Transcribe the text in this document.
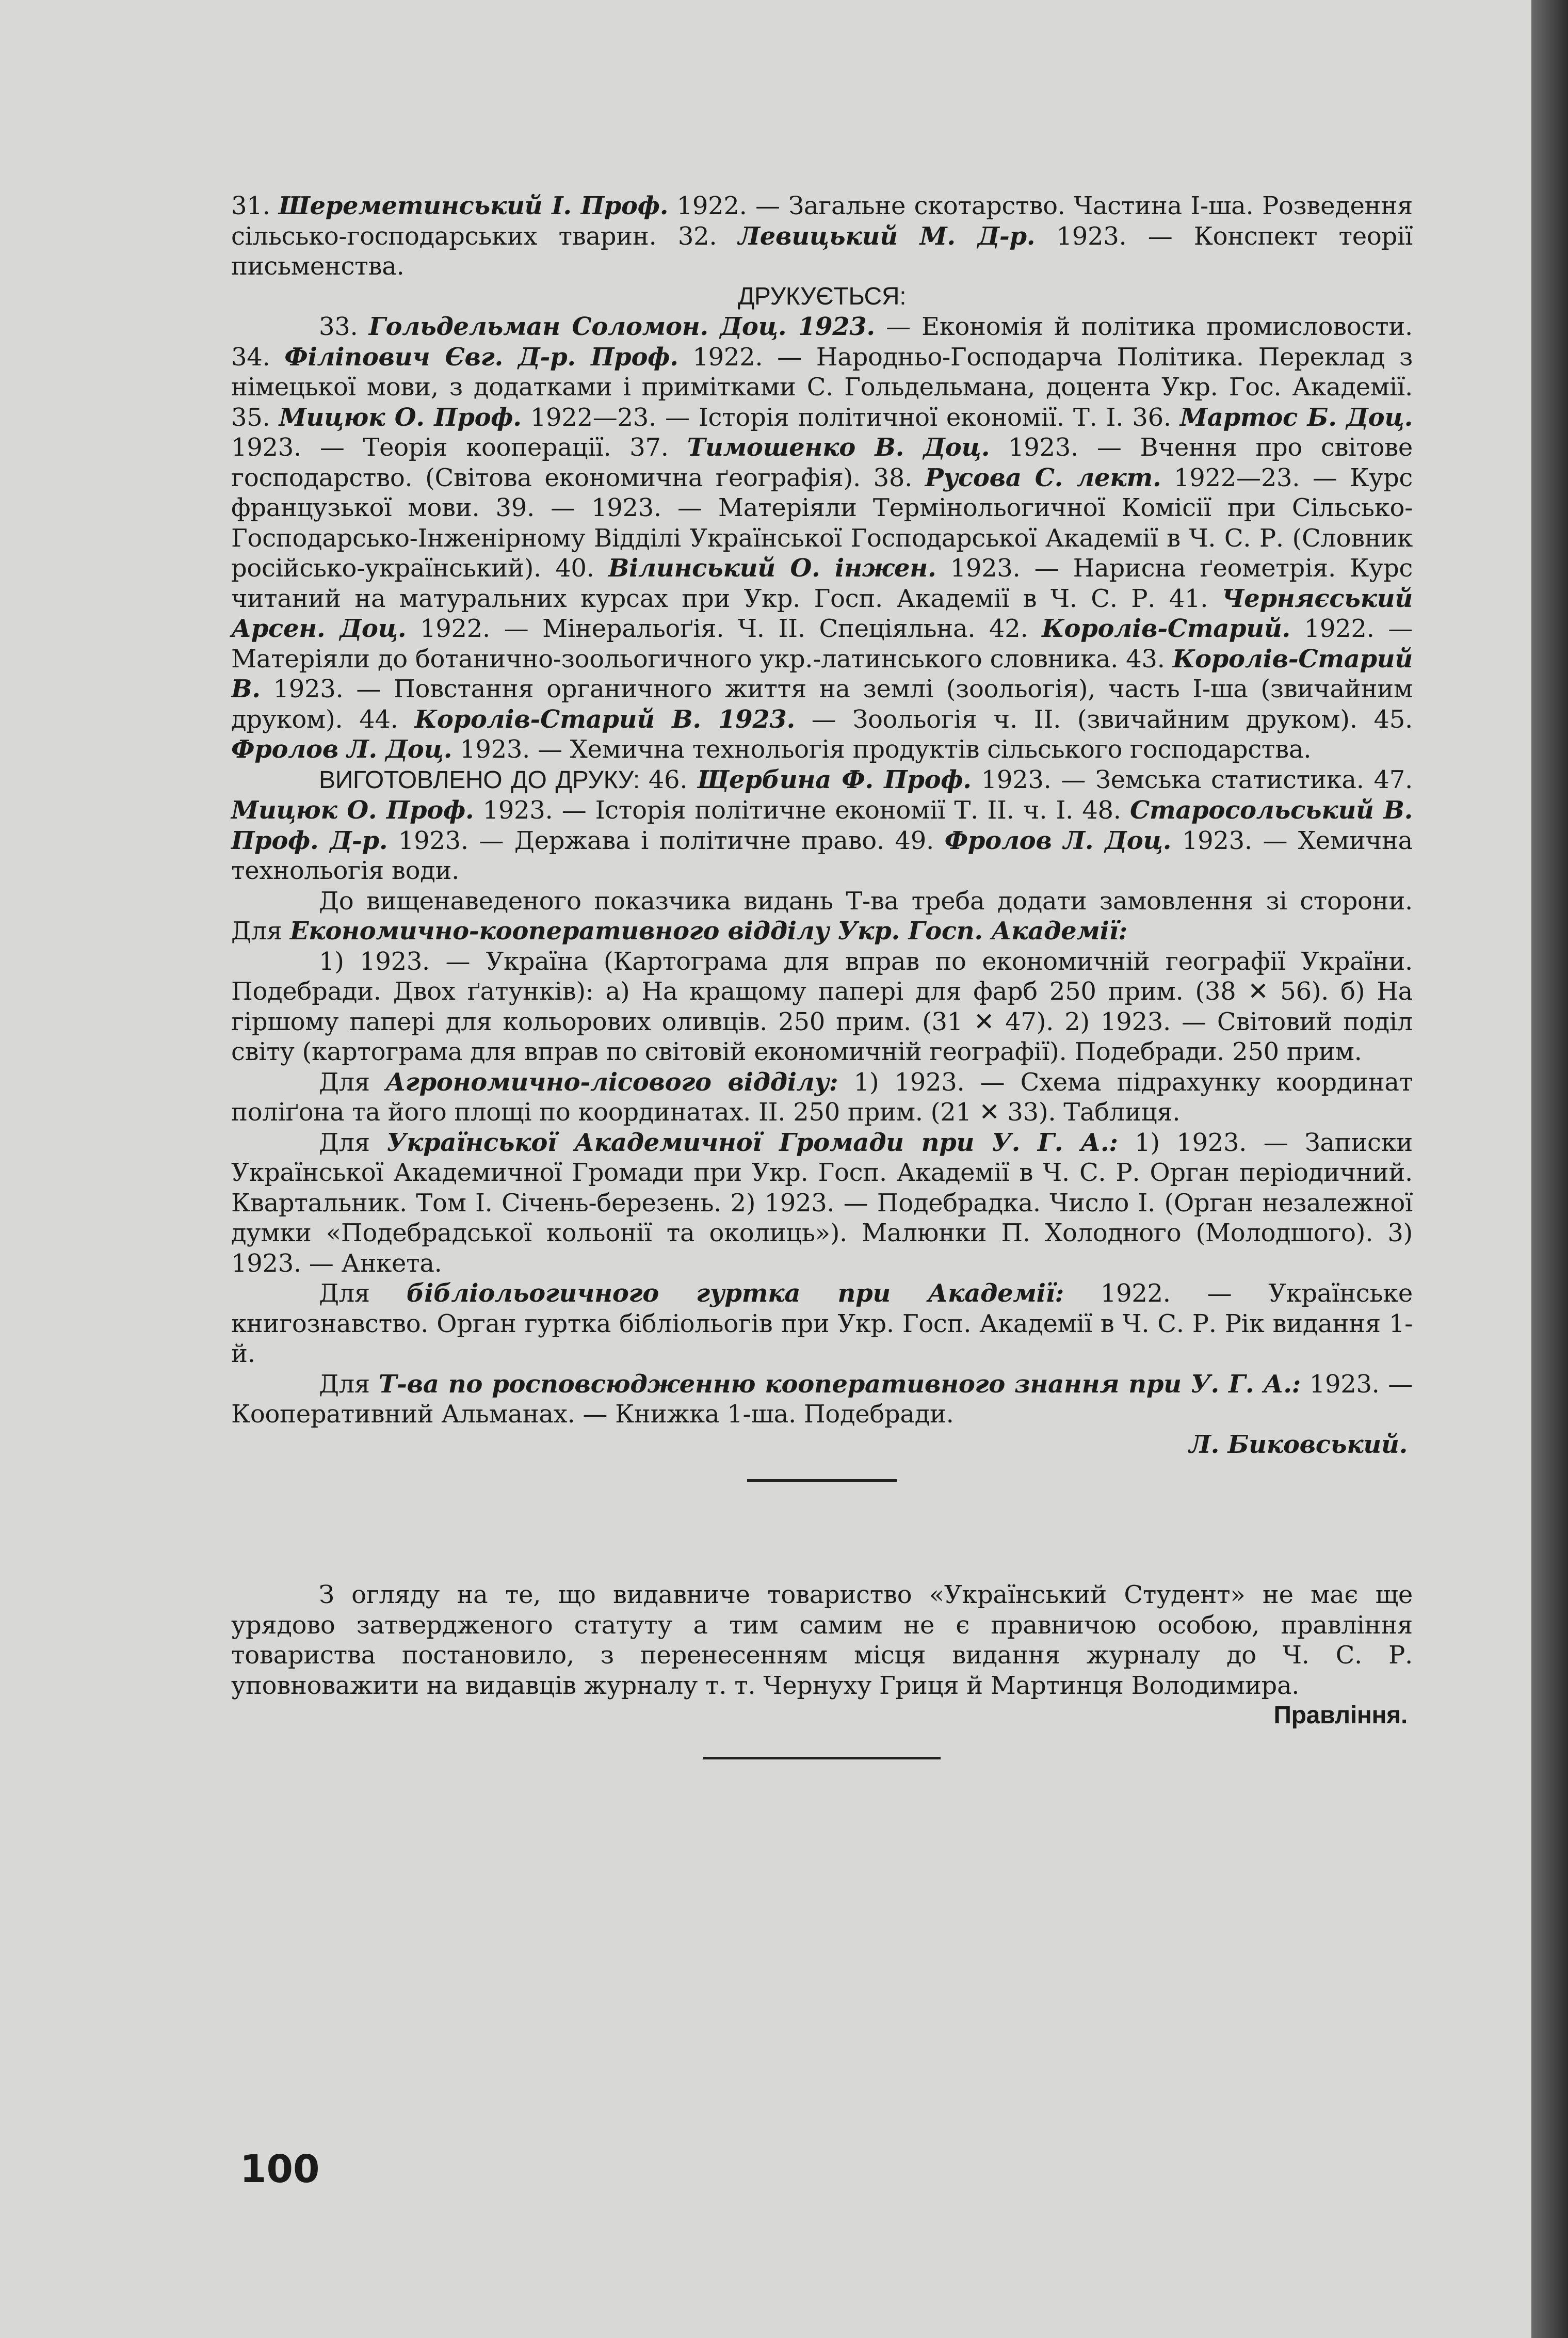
31. Шереметинський І. Проф. 1922. — Загальне скотарство. Частина І-ша. Розведення сільсько-господарських тварин. 32. Левицький М. Д-р. 1923. — Конспект теорії письменства.

ДРУКУЄТЬСЯ:

33. Гольдельман Соломон. Доц. 1923. — Економія й політика промисловости. 34. Філіпович Євг. Д-р. Проф. 1922. — Народньо-Господарча Політика. Переклад з німецької мови, з додатками і примітками С. Гольдельмана, доцента Укр. Гос. Академії. 35. Мицюк О. Проф. 1922—23. — Історія політичної економії. Т. І. 36. Мартос Б. Доц. 1923. — Теорія кооперації. 37. Тимошенко В. Доц. 1923. — Вчення про світове господарство. (Світова економична ґеографія). 38. Русова С. лект. 1922—23. — Курс французької мови. 39. — 1923. — Матеріяли Термінольогичної Комісії при Сільсько-Господарсько-Інженірному Відділі Української Господарської Академії в Ч. С. Р. (Словник російсько-український). 40. Вілинський О. інжен. 1923. — Нарисна ґеометрія. Курс читаний на матуральних курсах при Укр. Госп. Академії в Ч. С. Р. 41. Черняєський Арсен. Доц. 1922. — Мінеральоґія. Ч. II. Спеціяльна. 42. Королів-Старий. 1922. — Матеріяли до ботанично-зоольогичного укр.-латинського словника. 43. Королів-Старий В. 1923. — Повстання органичного життя на землі (зоольогія), часть І-ша (звичайним друком). 44. Королів-Старий В. 1923. — Зоольогія ч. II. (звичайним друком). 45. Фролов Л. Доц. 1923. — Хемична технольогія продуктів сільського господарства.

ВИГОТОВЛЕНО ДО ДРУКУ: 46. Щербина Ф. Проф. 1923. — Земська статистика. 47. Мицюк О. Проф. 1923. — Історія політичне економії Т. II. ч. І. 48. Старосольський В. Проф. Д-р. 1923. — Держава і політичне право. 49. Фролов Л. Доц. 1923. — Хемична технольогія води.

До вищенаведеного показчика видань Т-ва треба додати замовлення зі сторони. Для Економично-кооперативного відділу Укр. Госп. Академії:

1) 1923. — Україна (Картограма для вправ по економичній географії України. Подебради. Двох ґатунків): а) На кращому папері для фарб 250 прим. (38 ✕ 56). б) На гіршому папері для кольорових оливців. 250 прим. (31 ✕ 47). 2) 1923. — Світовий поділ світу (картограма для вправ по світовій економичній географії). Подебради. 250 прим.

Для Агрономично-лісового відділу: 1) 1923. — Схема підрахунку координат поліґона та його площі по координатах. II. 250 прим. (21 ✕ 33). Таблиця.

Для Української Академичної Громади при У. Г. А.: 1) 1923. — Записки Української Академичної Громади при Укр. Госп. Академії в Ч. С. Р. Орган періодичний. Квартальник. Том І. Січень-березень. 2) 1923. — Подебрадка. Число І. (Орган незалежної думки «Подебрадської кольонії та околиць»). Малюнки П. Холодного (Молодшого). 3) 1923. — Анкета.

Для бібліольогичного гуртка при Академії: 1922. — Українське книгознавство. Орган гуртка бібліольогів при Укр. Госп. Академії в Ч. С. Р. Рік видання 1-й.

Для Т-ва по росповсюдженню кооперативного знання при У. Г. А.: 1923. — Кооперативний Альманах. — Книжка 1-ша. Подебради.

Л. Биковський.

З огляду на те, що видавниче товариство «Український Студент» не має ще урядово затвердженого статуту а тим самим не є правничою особою, правління товариства постановило, з перенесенням місця видання журналу до Ч. С. Р. уповноважити на видавців журналу т. т. Чернуху Гриця й Мартинця Володимира.

Правління.

100
